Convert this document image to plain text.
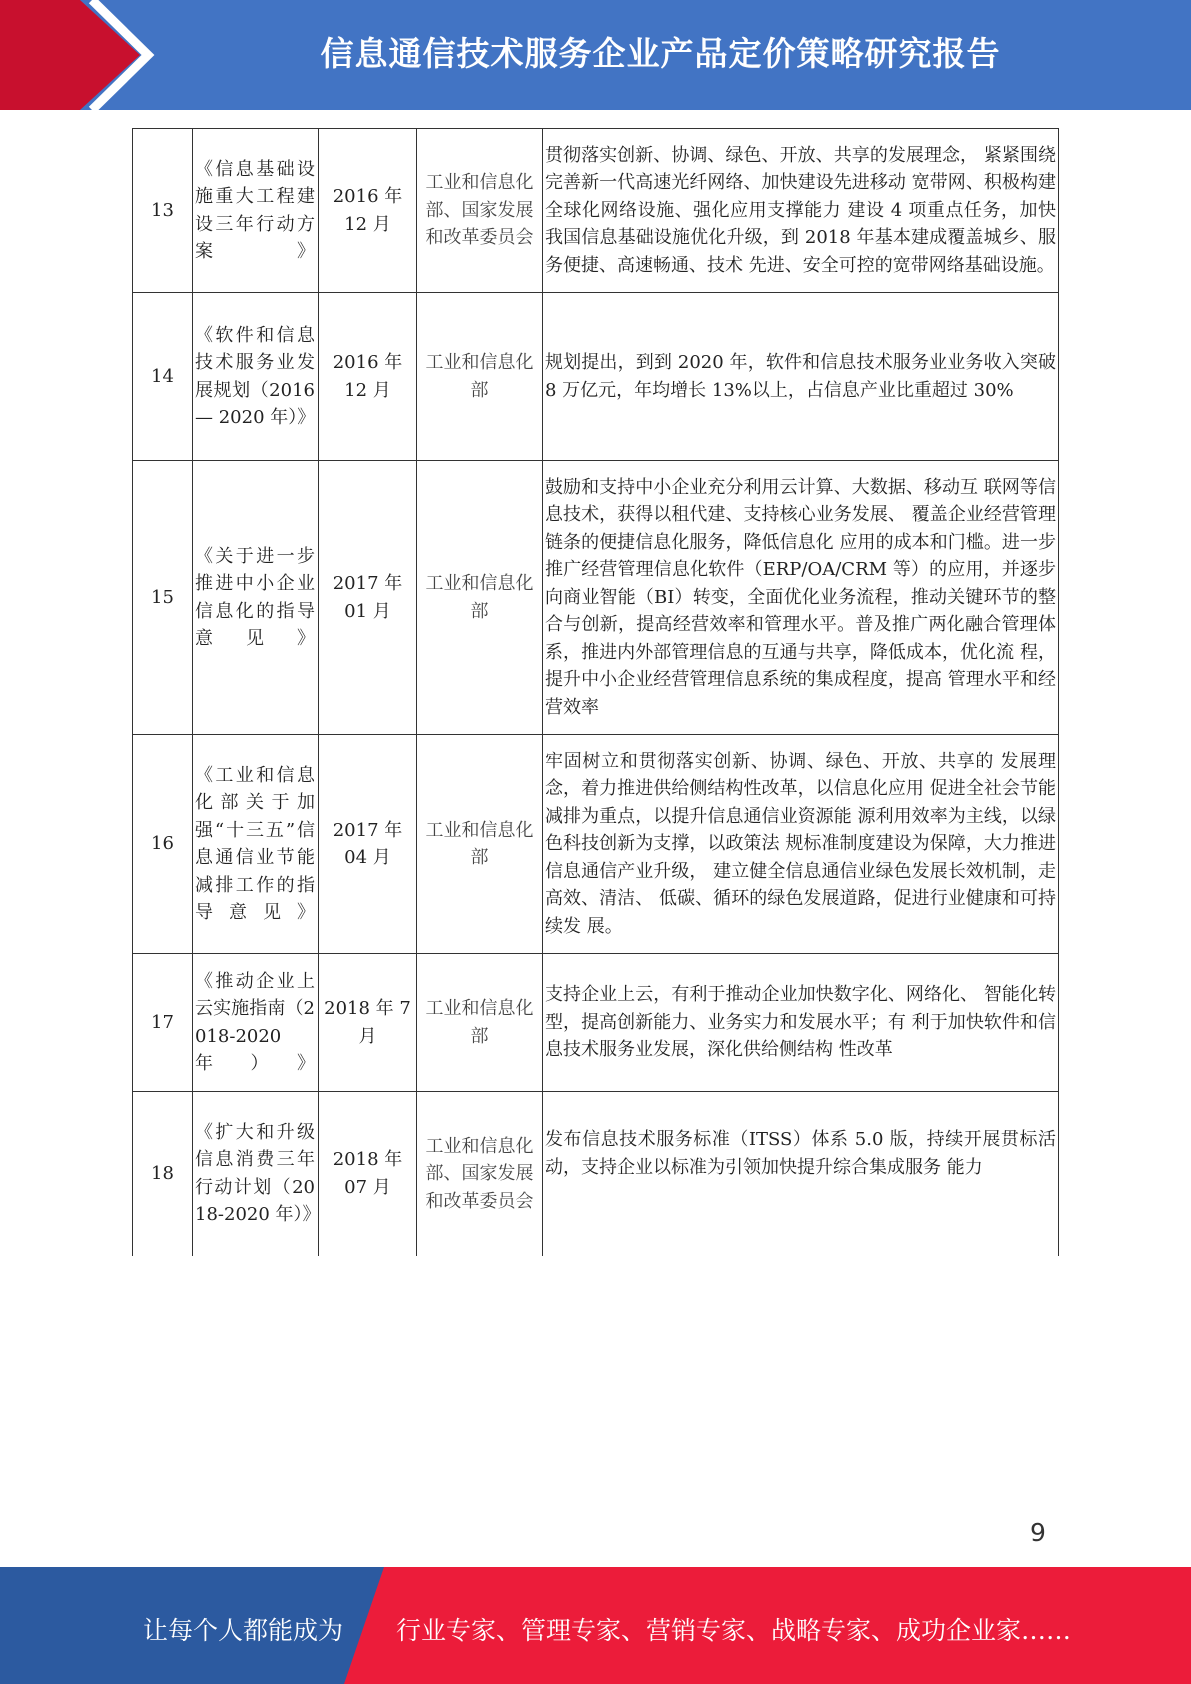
信息通信技术服务企业产品定价策略研究报告
13	《信息基础设施重大工程建设三年行动方案》	2016 年 12 月	工业和信息化部、国家发展和改革委员会	贯彻落实创新、协调、绿色、开放、共享的发展理念， 紧紧围绕完善新一代高速光纤网络、加快建设先进移动 宽带网、积极构建全球化网络设施、强化应用支撑能力 建设 4 项重点任务，加快我国信息基础设施优化升级，到 2018 年基本建成覆盖城乡、服务便捷、高速畅通、技术 先进、安全可控的宽带网络基础设施。
14	《软件和信息技术服务业发展规划（2016 — 2020 年）》	2016 年 12 月	工业和信息化部	规划提出，到到 2020 年，软件和信息技术服务业业务收入突破 8 万亿元，年均增长 13%以上，占信息产业比重超过 30%
15	《关于进一步推进中小企业信息化的指导意见》	2017 年 01 月	工业和信息化部	鼓励和支持中小企业充分利用云计算、大数据、移动互 联网等信息技术，获得以租代建、支持核心业务发展、 覆盖企业经营管理链条的便捷信息化服务，降低信息化 应用的成本和门槛。进一步推广经营管理信息化软件（ERP/OA/CRM 等）的应用，并逐步向商业智能（BI）转变，全面优化业务流程，推动关键环节的整合与创新，提高经营效率和管理水平。普及推广两化融合管理体系，推进内外部管理信息的互通与共享，降低成本，优化流 程，提升中小企业经营管理信息系统的集成程度，提高 管理水平和经营效率
16	《工业和信息化部关于加强“十三五”信息通信业节能减排工作的指导意见》	2017 年 04 月	工业和信息化部	牢固树立和贯彻落实创新、协调、绿色、开放、共享的 发展理念，着力推进供给侧结构性改革，以信息化应用 促进全社会节能减排为重点，以提升信息通信业资源能 源利用效率为主线，以绿色科技创新为支撑，以政策法 规标准制度建设为保障，大力推进信息通信产业升级， 建立健全信息通信业绿色发展长效机制，走高效、清洁、 低碳、循环的绿色发展道路，促进行业健康和可持续发 展。
17	《推动企业上云实施指南（2018-2020 年）》	2018 年 7 月	工业和信息化部	支持企业上云，有利于推动企业加快数字化、网络化、 智能化转型，提高创新能力、业务实力和发展水平；有 利于加快软件和信息技术服务业发展，深化供给侧结构 性改革
18	《扩大和升级信息消费三年行动计划（2018-2020 年）》	2018 年 07 月	工业和信息化部、国家发展和改革委员会	发布信息技术服务标准（ITSS）体系 5.0 版，持续开展贯标活动，支持企业以标准为引领加快提升综合集成服务 能力
9
让每个人都能成为 行业专家、管理专家、营销专家、战略专家、成功企业家……
